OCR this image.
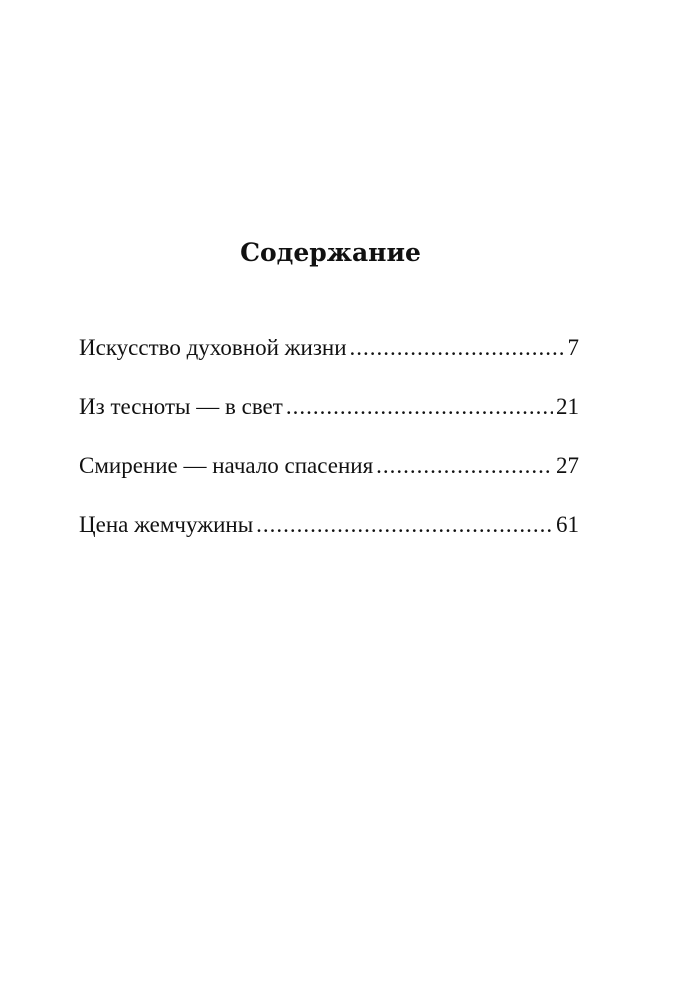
Содержание
Искусство духовной жизни .....	7
Из тесноты — в свет .....	21
Смирение — начало спасения .....	27
Цена жемчужины .....	61
